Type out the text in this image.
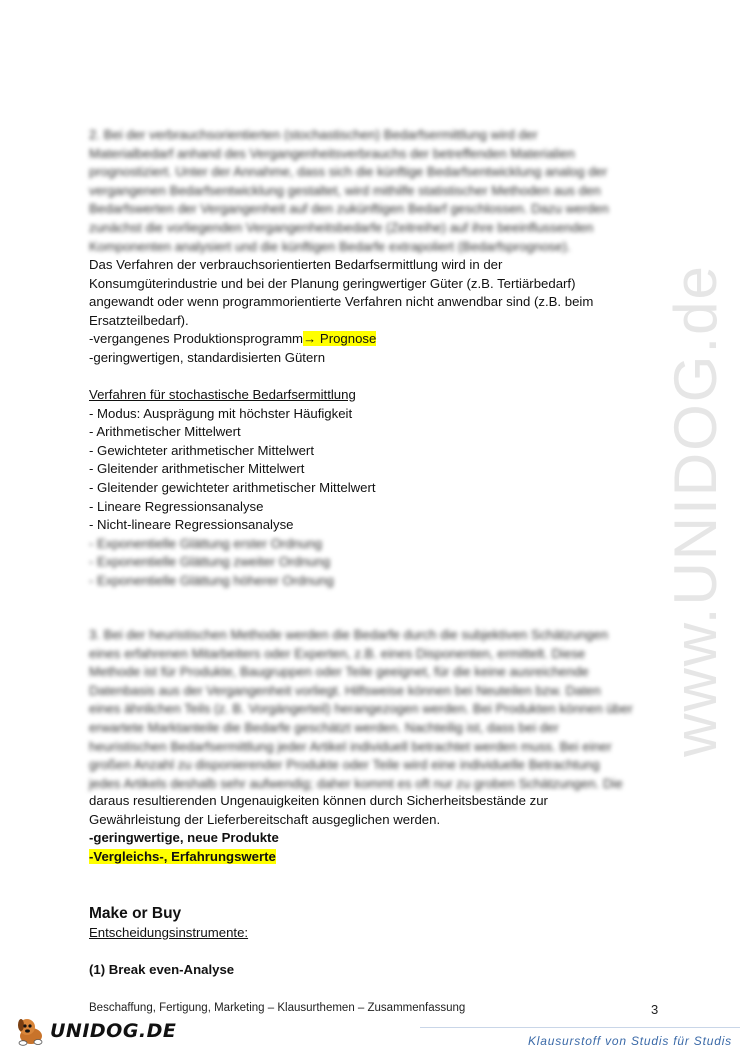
www.UNIDOG.de
2. Bei der verbrauchsorientierten (stochastischen) Bedarfsermittlung wird der
Materialbedarf anhand des Vergangenheitsverbrauchs der betreffenden Materialien
prognostiziert. Unter der Annahme, dass sich die künftige Bedarfsentwicklung analog der
vergangenen Bedarfsentwicklung gestaltet, wird mithilfe statistischer Methoden aus den
Bedarfswerten der Vergangenheit auf den zukünftigen Bedarf geschlossen. Dazu werden
zunächst die vorliegenden Vergangenheitsbedarfe (Zeitreihe) auf ihre beeinflussenden
Komponenten analysiert und die künftigen Bedarfe extrapoliert (Bedarfsprognose).
Das Verfahren der verbrauchsorientierten Bedarfsermittlung wird in der
Konsumgüterindustrie und bei der Planung geringwertiger Güter (z.B. Tertiärbedarf)
angewandt oder wenn programmorientierte Verfahren nicht anwendbar sind (z.B. beim
Ersatzteilbedarf).
-vergangenes Produktionsprogramm→ Prognose
-geringwertigen, standardisierten Gütern
Verfahren für stochastische Bedarfsermittlung
- Modus: Ausprägung mit höchster Häufigkeit
- Arithmetischer Mittelwert
- Gewichteter arithmetischer Mittelwert
- Gleitender arithmetischer Mittelwert
- Gleitender gewichteter arithmetischer Mittelwert
- Lineare Regressionsanalyse
- Nicht-lineare Regressionsanalyse
- Exponentielle Glättung erster Ordnung
- Exponentielle Glättung zweiter Ordnung
- Exponentielle Glättung höherer Ordnung
3. Bei der heuristischen Methode werden die Bedarfe durch die subjektiven Schätzungen
eines erfahrenen Mitarbeiters oder Experten, z.B. eines Disponenten, ermittelt. Diese
Methode ist für Produkte, Baugruppen oder Teile geeignet, für die keine ausreichende
Datenbasis aus der Vergangenheit vorliegt. Hilfsweise können bei Neuteilen bzw. Daten
eines ähnlichen Teils (z. B. Vorgängerteil) herangezogen werden. Bei Produkten können über
erwartete Marktanteile die Bedarfe geschätzt werden. Nachteilig ist, dass bei der
heuristischen Bedarfsermittlung jeder Artikel individuell betrachtet werden muss. Bei einer
großen Anzahl zu disponierender Produkte oder Teile wird eine individuelle Betrachtung
jedes Artikels deshalb sehr aufwendig; daher kommt es oft nur zu groben Schätzungen. Die
daraus resultierenden Ungenauigkeiten können durch Sicherheitsbestände zur
Gewährleistung der Lieferbereitschaft ausgeglichen werden.
-geringwertige, neue Produkte
-Vergleichs-, Erfahrungswerte
Make or Buy
Entscheidungsinstrumente:
(1) Break even-Analyse
Beschaffung, Fertigung, Marketing – Klausurthemen – Zusammenfassung	3
UNIDOG.DE	Klausurstoff von Studis für Studis
